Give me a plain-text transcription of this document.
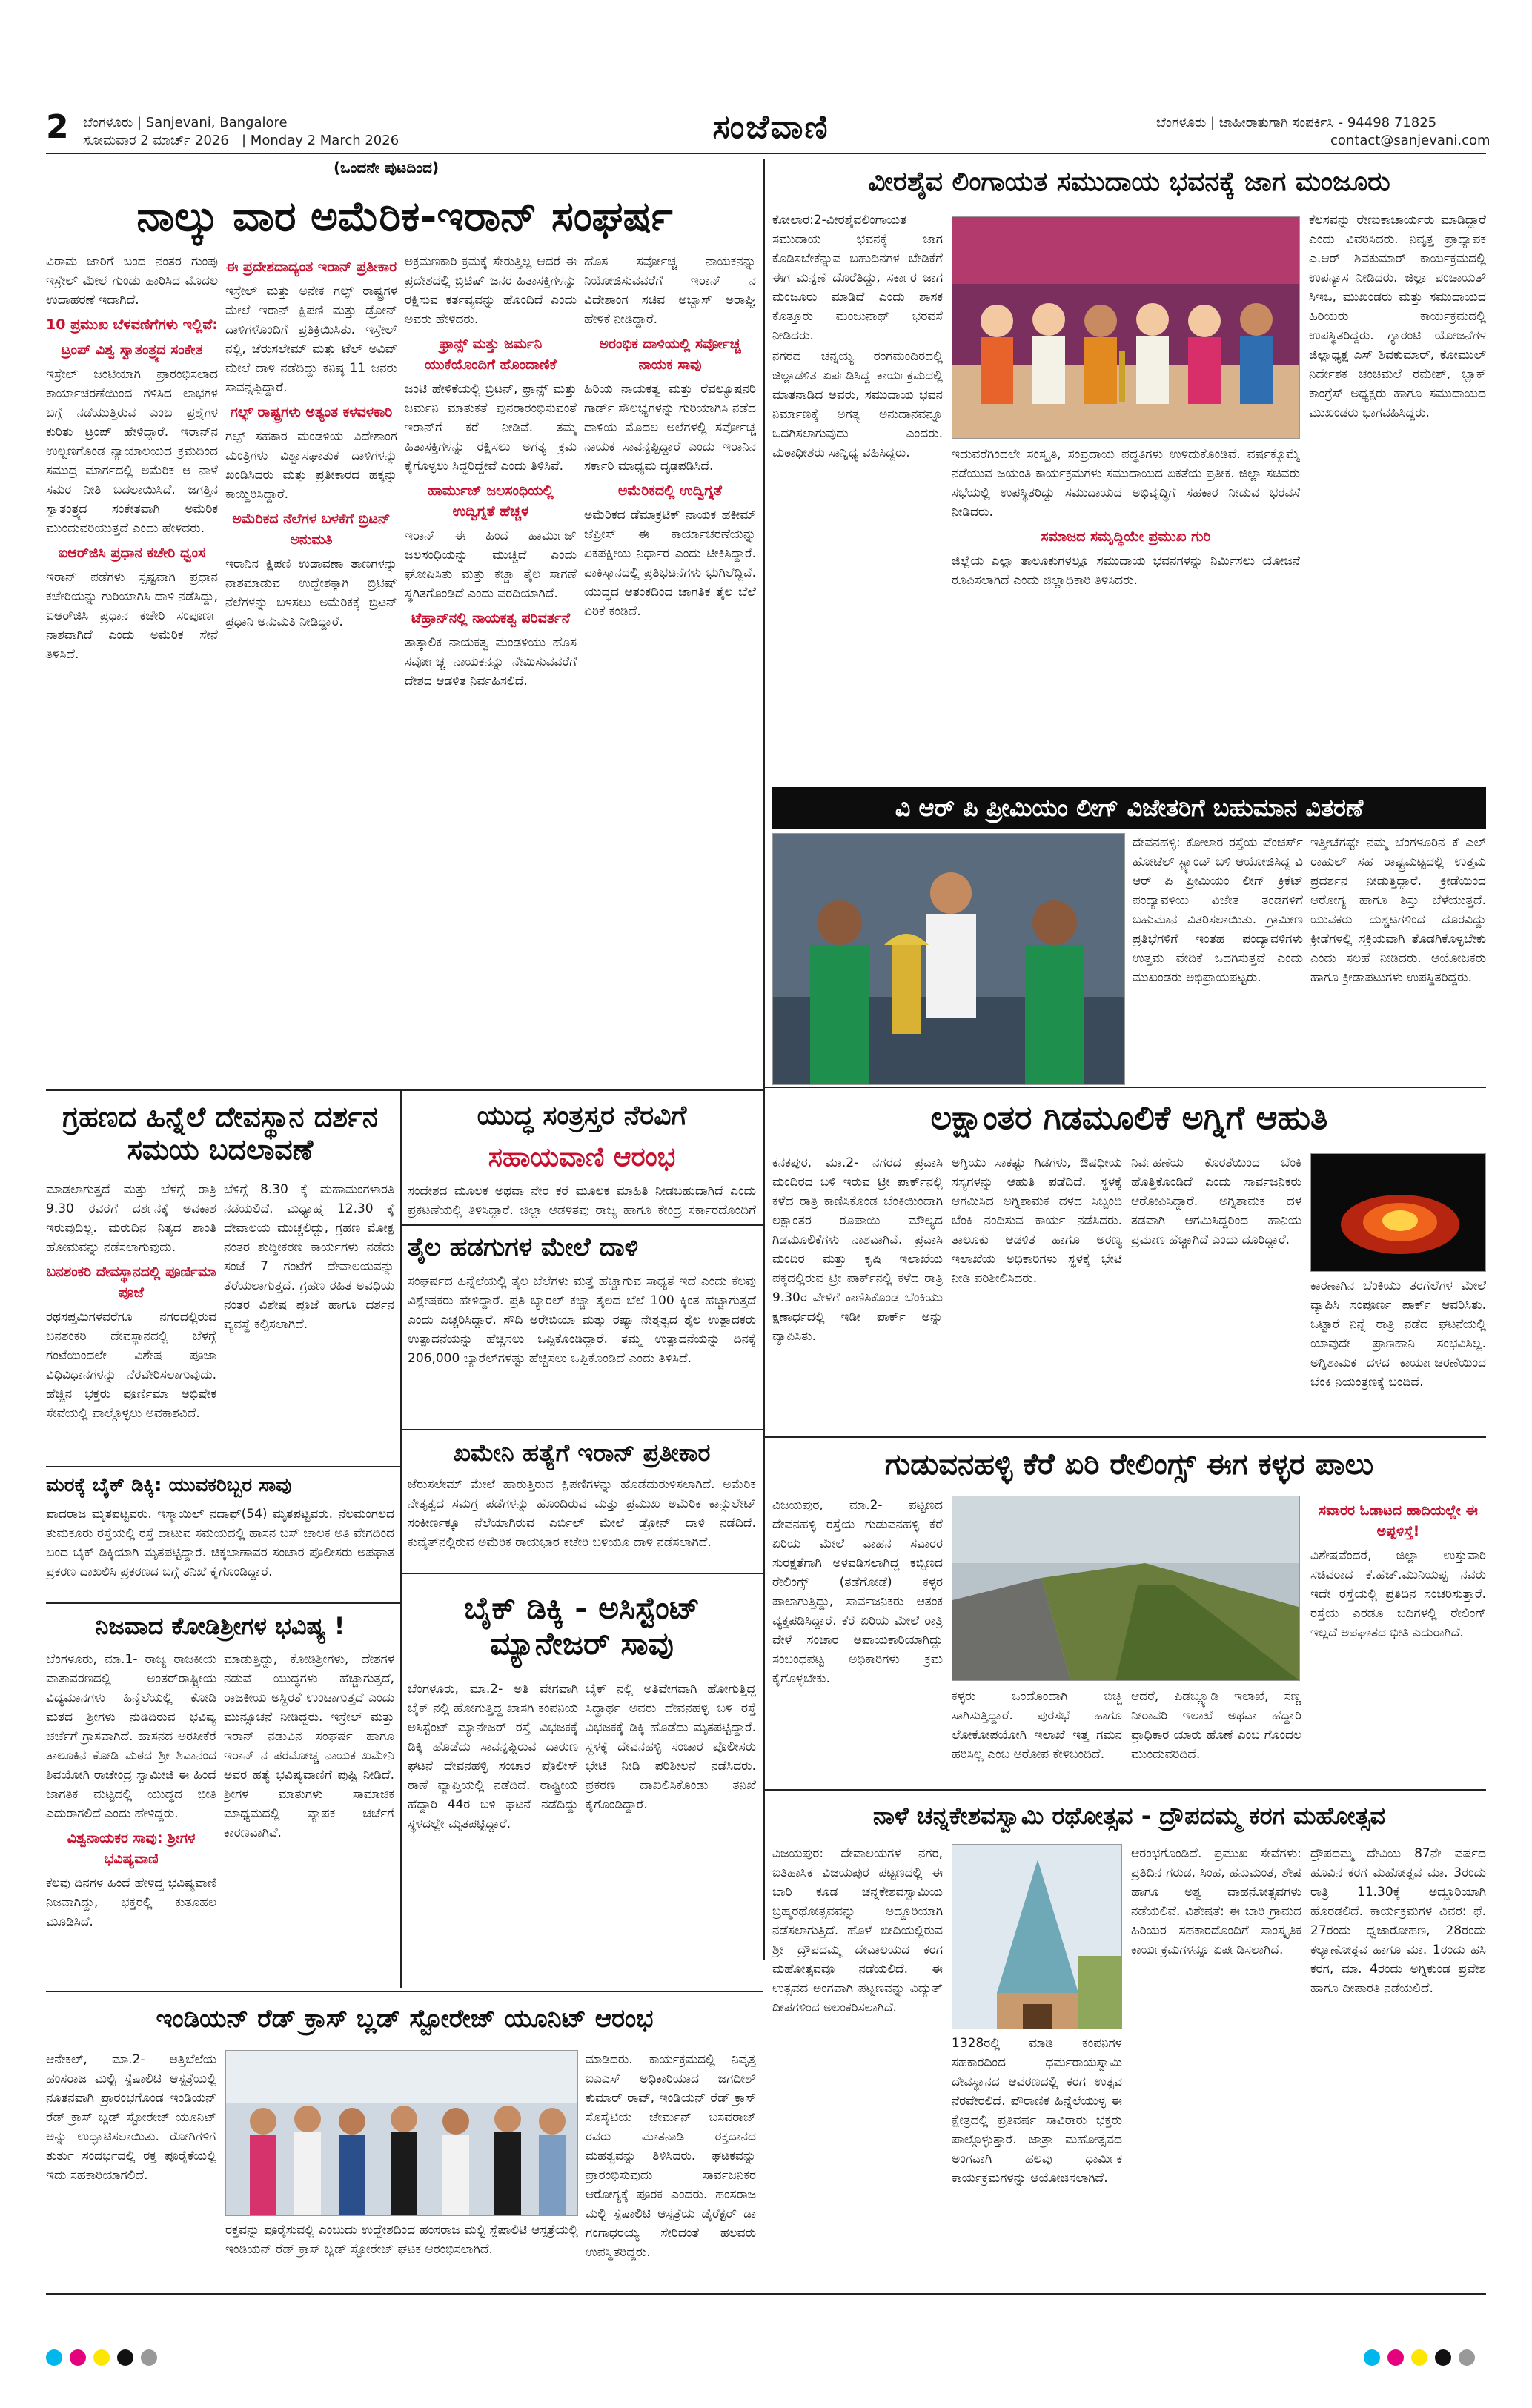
2 ಬೆಂಗಳೂರು | Sanjevani, Bangalore
ಸೋಮವಾರ 2 ಮಾರ್ಚ್ 2026   | Monday 2 March 2026	ಸಂಜೆವಾಣಿ	ಬೆಂಗಳೂರು | ಜಾಹೀರಾತುಗಾಗಿ ಸಂಪರ್ಕಿಸಿ - 94498 71825
contact@sanjevani.com
(ಒಂದನೇ ಪುಟದಿಂದ)
ನಾಲ್ಕು ವಾರ ಅಮೆರಿಕ-ಇರಾನ್ ಸಂಘರ್ಷ

ವಿರಾಮ ಜಾರಿಗೆ ಬಂದ ನಂತರ ಗುಂಪು ಇಸ್ರೇಲ್ ಮೇಲೆ ಗುಂಡು ಹಾರಿಸಿದ ಮೊದಲ ಉದಾಹರಣೆ ಇದಾಗಿದೆ.

10 ಪ್ರಮುಖ ಬೆಳವಣಿಗೆಗಳು ಇಲ್ಲಿವೆ:
ಟ್ರಂಪ್ ವಿಶ್ವ ಸ್ವಾತಂತ್ರ್ಯದ ಸಂಕೇತ

ಇಸ್ರೇಲ್ ಜಂಟಿಯಾಗಿ ಪ್ರಾರಂಭಿಸಲಾದ ಕಾರ್ಯಾಚರಣೆಯಿಂದ ಗಳಿಸಿದ ಲಾಭಗಳ ಬಗ್ಗೆ ನಡೆಯುತ್ತಿರುವ ಎಂಬ ಪ್ರಶ್ನೆಗಳ ಕುರಿತು ಟ್ರಂಪ್ ಹೇಳಿದ್ದಾರೆ. ಇರಾನ್‌ನ ಉಲ್ಬಣಗೊಂಡ ನ್ಯಾಯಾಲಯದ ಕ್ರಮದಿಂದ ಸಮುದ್ರ ಮಾರ್ಗದಲ್ಲಿ ಅಮೆರಿಕ ಆ ನಾಳೆ ಸಮರ ನೀತಿ ಬದಲಾಯಿಸಿದೆ. ಜಗತ್ತಿನ ಸ್ವಾತಂತ್ರ್ಯದ ಸಂಕೇತವಾಗಿ ಅಮೆರಿಕ ಮುಂದುವರಿಯುತ್ತದೆ ಎಂದು ಹೇಳಿದರು.

ಐಆರ್‌ಜಿಸಿ ಪ್ರಧಾನ ಕಚೇರಿ ಧ್ವಂಸ

ಇರಾನ್ ಪಡೆಗಳು ಸ್ಪಷ್ಟವಾಗಿ ಪ್ರಧಾನ ಕಚೇರಿಯನ್ನು ಗುರಿಯಾಗಿಸಿ ದಾಳಿ ನಡೆಸಿದ್ದು, ಐಆರ್‌ಜಿಸಿ ಪ್ರಧಾನ ಕಚೇರಿ ಸಂಪೂರ್ಣ ನಾಶವಾಗಿದೆ ಎಂದು ಅಮೆರಿಕ ಸೇನೆ ತಿಳಿಸಿದೆ.

ಈ ಪ್ರದೇಶದಾದ್ಯಂತ ಇರಾನ್ ಪ್ರತೀಕಾರ

ಇಸ್ರೇಲ್ ಮತ್ತು ಅನೇಕ ಗಲ್ಫ್ ರಾಷ್ಟ್ರಗಳ ಮೇಲೆ ಇರಾನ್ ಕ್ಷಿಪಣಿ ಮತ್ತು ಡ್ರೋನ್ ದಾಳಿಗಳೊಂದಿಗೆ ಪ್ರತಿಕ್ರಿಯಿಸಿತು. ಇಸ್ರೇಲ್ ನಲ್ಲಿ, ಜೆರುಸಲೇಮ್ ಮತ್ತು ಟೆಲ್ ಅವಿವ್ ಮೇಲೆ ದಾಳಿ ನಡೆದಿದ್ದು ಕನಿಷ್ಠ 11 ಜನರು ಸಾವನ್ನಪ್ಪಿದ್ದಾರೆ.

ಗಲ್ಫ್ ರಾಷ್ಟ್ರಗಳು ಅತ್ಯಂತ ಕಳವಳಕಾರಿ

ಗಲ್ಫ್ ಸಹಕಾರ ಮಂಡಳಿಯ ವಿದೇಶಾಂಗ ಮಂತ್ರಿಗಳು ವಿಶ್ವಾಸಘಾತುಕ ದಾಳಿಗಳನ್ನು ಖಂಡಿಸಿದರು ಮತ್ತು ಪ್ರತೀಕಾರದ ಹಕ್ಕನ್ನು ಕಾಯ್ದಿರಿಸಿದ್ದಾರೆ.

ಅಮೆರಿಕದ ನೆಲೆಗಳ ಬಳಕೆಗೆ ಬ್ರಿಟನ್ ಅನುಮತಿ

ಇರಾನಿನ ಕ್ಷಿಪಣಿ ಉಡಾವಣಾ ತಾಣಗಳನ್ನು ನಾಶಮಾಡುವ ಉದ್ದೇಶಕ್ಕಾಗಿ ಬ್ರಿಟಿಷ್ ನೆಲೆಗಳನ್ನು ಬಳಸಲು ಅಮೆರಿಕಕ್ಕೆ ಬ್ರಿಟನ್ ಪ್ರಧಾನಿ ಅನುಮತಿ ನೀಡಿದ್ದಾರೆ.

ಅಕ್ರಮಣಕಾರಿ ಕ್ರಮಕ್ಕೆ ಸೇರುತ್ತಿಲ್ಲ ಆದರೆ ಈ ಪ್ರದೇಶದಲ್ಲಿ ಬ್ರಿಟಿಷ್ ಜನರ ಹಿತಾಸಕ್ತಿಗಳನ್ನು ರಕ್ಷಿಸುವ ಕರ್ತವ್ಯವನ್ನು ಹೊಂದಿದೆ ಎಂದು ಅವರು ಹೇಳಿದರು.

ಫ್ರಾನ್ಸ್ ಮತ್ತು ಜರ್ಮನಿ ಯುಕೆಯೊಂದಿಗೆ ಹೊಂದಾಣಿಕೆ

ಜಂಟಿ ಹೇಳಿಕೆಯಲ್ಲಿ ಬ್ರಿಟನ್, ಫ್ರಾನ್ಸ್ ಮತ್ತು ಜರ್ಮನಿ ಮಾತುಕತೆ ಪುನರಾರಂಭಿಸುವಂತೆ ಇರಾನ್‌ಗೆ ಕರೆ ನೀಡಿವೆ. ತಮ್ಮ ಹಿತಾಸಕ್ತಿಗಳನ್ನು ರಕ್ಷಿಸಲು ಅಗತ್ಯ ಕ್ರಮ ಕೈಗೊಳ್ಳಲು ಸಿದ್ಧರಿದ್ದೇವೆ ಎಂದು ತಿಳಿಸಿವೆ.

ಹಾರ್ಮುಜ್ ಜಲಸಂಧಿಯಲ್ಲಿ ಉದ್ವಿಗ್ನತೆ ಹೆಚ್ಚಳ

ಇರಾನ್ ಈ ಹಿಂದೆ ಹಾರ್ಮುಜ್ ಜಲಸಂಧಿಯನ್ನು ಮುಚ್ಚಿದೆ ಎಂದು ಘೋಷಿಸಿತು ಮತ್ತು ಕಚ್ಚಾ ತೈಲ ಸಾಗಣೆ ಸ್ಥಗಿತಗೊಂಡಿದೆ ಎಂದು ವರದಿಯಾಗಿದೆ.

ಟೆಹ್ರಾನ್‌ನಲ್ಲಿ ನಾಯಕತ್ವ ಪರಿವರ್ತನೆ

ತಾತ್ಕಾಲಿಕ ನಾಯಕತ್ವ ಮಂಡಳಿಯು ಹೊಸ ಸರ್ವೋಚ್ಚ ನಾಯಕನನ್ನು ನೇಮಿಸುವವರೆಗೆ ದೇಶದ ಆಡಳಿತ ನಿರ್ವಹಿಸಲಿದೆ.

ಹೊಸ ಸರ್ವೋಚ್ಚ ನಾಯಕನನ್ನು ನಿಯೋಜಿಸುವವರೆಗೆ ಇರಾನ್ ನ ವಿದೇಶಾಂಗ ಸಚಿವ ಅಬ್ಬಾಸ್ ಅರಾಘ್ಚಿ ಹೇಳಿಕೆ ನೀಡಿದ್ದಾರೆ.

ಅರಂಭಿಕ ದಾಳಿಯಲ್ಲಿ ಸರ್ವೋಚ್ಚ ನಾಯಕ ಸಾವು

ಹಿರಿಯ ನಾಯಕತ್ವ ಮತ್ತು ರೆವಲ್ಯೂಷನರಿ ಗಾರ್ಡ್ ಸೌಲಭ್ಯಗಳನ್ನು ಗುರಿಯಾಗಿಸಿ ನಡೆದ ದಾಳಿಯ ಮೊದಲ ಅಲೆಗಳಲ್ಲಿ ಸರ್ವೋಚ್ಚ ನಾಯಕ ಸಾವನ್ನಪ್ಪಿದ್ದಾರೆ ಎಂದು ಇರಾನಿನ ಸರ್ಕಾರಿ ಮಾಧ್ಯಮ ದೃಢಪಡಿಸಿದೆ.

ಅಮೆರಿಕದಲ್ಲಿ ಉದ್ವಿಗ್ನತೆ

ಅಮೆರಿಕದ ಡೆಮಾಕ್ರಟಿಕ್ ನಾಯಕ ಹಕೀಮ್ ಜೆಫ್ರೀಸ್ ಈ ಕಾರ್ಯಾಚರಣೆಯನ್ನು ಏಕಪಕ್ಷೀಯ ನಿರ್ಧಾರ ಎಂದು ಟೀಕಿಸಿದ್ದಾರೆ. ಪಾಕಿಸ್ತಾನದಲ್ಲಿ ಪ್ರತಿಭಟನೆಗಳು ಭುಗಿಲೆದ್ದಿವೆ. ಯುದ್ಧದ ಆತಂಕದಿಂದ ಜಾಗತಿಕ ತೈಲ ಬೆಲೆ ಏರಿಕೆ ಕಂಡಿದೆ.

ಗ್ರಹಣದ ಹಿನ್ನೆಲೆ ದೇವಸ್ಥಾನ ದರ್ಶನ ಸಮಯ ಬದಲಾವಣೆ

ಮಾಡಲಾಗುತ್ತದೆ ಮತ್ತು ಬೆಳಗ್ಗೆ ರಾತ್ರಿ 9.30 ರವರೆಗೆ ದರ್ಶನಕ್ಕೆ ಅವಕಾಶ ಇರುವುದಿಲ್ಲ. ಮರುದಿನ ನಿತ್ಯದ ಶಾಂತಿ ಹೋಮವನ್ನು ನಡೆಸಲಾಗುವುದು.

ಬನಶಂಕರಿ ದೇವಸ್ಥಾನದಲ್ಲಿ ಪೂರ್ಣಿಮಾ ಪೂಜೆ

ರಥಸಪ್ತಮಿಗಳವರೆಗೂ ನಗರದಲ್ಲಿರುವ ಬನಶಂಕರಿ ದೇವಸ್ಥಾನದಲ್ಲಿ ಬೆಳಗ್ಗೆ ಗಂಟೆಯಿಂದಲೇ ವಿಶೇಷ ಪೂಜಾ ವಿಧಿವಿಧಾನಗಳನ್ನು ನೆರವೇರಿಸಲಾಗುವುದು. ಹೆಚ್ಚಿನ ಭಕ್ತರು ಪೂರ್ಣಿಮಾ ಅಭಿಷೇಕ ಸೇವೆಯಲ್ಲಿ ಪಾಲ್ಗೊಳ್ಳಲು ಅವಕಾಶವಿದೆ.

ಬೆಳಿಗ್ಗೆ 8.30 ಕ್ಕೆ ಮಹಾಮಂಗಳಾರತಿ ನಡೆಯಲಿದೆ. ಮಧ್ಯಾಹ್ನ 12.30 ಕ್ಕೆ ದೇವಾಲಯ ಮುಚ್ಚಲಿದ್ದು, ಗ್ರಹಣ ಮೋಕ್ಷ ನಂತರ ಶುದ್ಧೀಕರಣ ಕಾರ್ಯಗಳು ನಡೆದು ಸಂಜೆ 7 ಗಂಟೆಗೆ ದೇವಾಲಯವನ್ನು ತೆರೆಯಲಾಗುತ್ತದೆ. ಗ್ರಹಣ ರಹಿತ ಅವಧಿಯ ನಂತರ ವಿಶೇಷ ಪೂಜೆ ಹಾಗೂ ದರ್ಶನ ವ್ಯವಸ್ಥೆ ಕಲ್ಪಿಸಲಾಗಿದೆ.

ಯುದ್ಧ ಸಂತ್ರಸ್ತರ ನೆರವಿಗೆ
ಸಹಾಯವಾಣಿ ಆರಂಭ

ಸಂದೇಶದ ಮೂಲಕ ಅಥವಾ ನೇರ ಕರೆ ಮೂಲಕ ಮಾಹಿತಿ ನೀಡಬಹುದಾಗಿದೆ ಎಂದು ಪ್ರಕಟಣೆಯಲ್ಲಿ ತಿಳಿಸಿದ್ದಾರೆ. ಜಿಲ್ಲಾ ಆಡಳಿತವು ರಾಜ್ಯ ಹಾಗೂ ಕೇಂದ್ರ ಸರ್ಕಾರದೊಂದಿಗೆ

ತೈಲ ಹಡಗುಗಳ ಮೇಲೆ ದಾಳಿ

ಸಂಘರ್ಷದ ಹಿನ್ನೆಲೆಯಲ್ಲಿ ತೈಲ ಬೆಲೆಗಳು ಮತ್ತೆ ಹೆಚ್ಚಾಗುವ ಸಾಧ್ಯತೆ ಇದೆ ಎಂದು ಕೆಲವು ವಿಶ್ಲೇಷಕರು ಹೇಳಿದ್ದಾರೆ. ಪ್ರತಿ ಬ್ಯಾರಲ್ ಕಚ್ಚಾ ತೈಲದ ಬೆಲೆ 100 ಕ್ಕಿಂತ ಹೆಚ್ಚಾಗುತ್ತದೆ ಎಂದು ಎಚ್ಚರಿಸಿದ್ದಾರೆ. ಸೌದಿ ಅರೇಬಿಯಾ ಮತ್ತು ರಷ್ಯಾ ನೇತೃತ್ವದ ತೈಲ ಉತ್ಪಾದಕರು ಉತ್ಪಾದನೆಯನ್ನು ಹೆಚ್ಚಿಸಲು ಒಪ್ಪಿಕೊಂಡಿದ್ದಾರೆ. ತಮ್ಮ ಉತ್ಪಾದನೆಯನ್ನು ದಿನಕ್ಕೆ 206,000 ಬ್ಯಾರೆಲ್‌ಗಳಷ್ಟು ಹೆಚ್ಚಿಸಲು ಒಪ್ಪಿಕೊಂಡಿದೆ ಎಂದು ತಿಳಿಸಿದೆ.

ಖಮೇನಿ ಹತ್ಯೆಗೆ ಇರಾನ್ ಪ್ರತೀಕಾರ

ಜೆರುಸಲೇಮ್ ಮೇಲೆ ಹಾರುತ್ತಿರುವ ಕ್ಷಿಪಣಿಗಳನ್ನು ಹೊಡೆದುರುಳಿಸಲಾಗಿದೆ. ಅಮೆರಿಕ ನೇತೃತ್ವದ ಸಮಗ್ರ ಪಡೆಗಳನ್ನು ಹೊಂದಿರುವ ಮತ್ತು ಪ್ರಮುಖ ಅಮೆರಿಕ ಕಾನ್ಸುಲೇಟ್ ಸಂಕೀರ್ಣಕ್ಕೂ ನೆಲೆಯಾಗಿರುವ ಎರ್ಬಿಲ್ ಮೇಲೆ ಡ್ರೋನ್ ದಾಳಿ ನಡೆದಿದೆ. ಕುವೈತ್‌ನಲ್ಲಿರುವ ಅಮೆರಿಕ ರಾಯಭಾರ ಕಚೇರಿ ಬಳಿಯೂ ದಾಳಿ ನಡೆಸಲಾಗಿದೆ.

ಮರಕ್ಕೆ ಬೈಕ್ ಡಿಕ್ಕಿ: ಯುವಕರಿಬ್ಬರ ಸಾವು

ಪಾದರಾಜ ಮೃತಪಟ್ಟವರು. ಇಸ್ಮಾಯಿಲ್ ನದಾಫ್(54) ಮೃತಪಟ್ಟವರು. ನೆಲಮಂಗಲದ ತುಮಕೂರು ರಸ್ತೆಯಲ್ಲಿ ರಸ್ತೆ ದಾಟುವ ಸಮಯದಲ್ಲಿ ಹಾಸನ ಬಸ್ ಚಾಲಕ ಅತಿ ವೇಗದಿಂದ ಬಂದ ಬೈಕ್ ಡಿಕ್ಕಿಯಾಗಿ ಮೃತಪಟ್ಟಿದ್ದಾರೆ. ಚಿಕ್ಕಬಾಣಾವರ ಸಂಚಾರ ಪೊಲೀಸರು ಅಪಘಾತ ಪ್ರಕರಣ ದಾಖಲಿಸಿ ಪ್ರಕರಣದ ಬಗ್ಗೆ ತನಿಖೆ ಕೈಗೊಂಡಿದ್ದಾರೆ.

ನಿಜವಾದ ಕೋಡಿಶ್ರೀಗಳ ಭವಿಷ್ಯ !

ಬೆಂಗಳೂರು, ಮಾ.1- ರಾಜ್ಯ ರಾಜಕೀಯ ವಾತಾವರಣದಲ್ಲಿ ಅಂತರ್‌ರಾಷ್ಟ್ರೀಯ ವಿದ್ಯಮಾನಗಳು ಹಿನ್ನೆಲೆಯಲ್ಲಿ ಕೋಡಿ ಮಠದ ಶ್ರೀಗಳು ನುಡಿದಿರುವ ಭವಿಷ್ಯ ಚರ್ಚೆಗೆ ಗ್ರಾಸವಾಗಿದೆ. ಹಾಸನದ ಅರಸೀಕೆರೆ ತಾಲೂಕಿನ ಕೋಡಿ ಮಠದ ಶ್ರೀ ಶಿವಾನಂದ ಶಿವಯೋಗಿ ರಾಜೇಂದ್ರ ಸ್ವಾಮೀಜಿ ಈ ಹಿಂದೆ ಜಾಗತಿಕ ಮಟ್ಟದಲ್ಲಿ ಯುದ್ಧದ ಭೀತಿ ಎದುರಾಗಲಿದೆ ಎಂದು ಹೇಳಿದ್ದರು.

ವಿಶ್ವನಾಯಕರ ಸಾವು: ಶ್ರೀಗಳ ಭವಿಷ್ಯವಾಣಿ

ಕೆಲವು ದಿನಗಳ ಹಿಂದೆ ಹೇಳಿದ್ದ ಭವಿಷ್ಯವಾಣಿ ನಿಜವಾಗಿದ್ದು, ಭಕ್ತರಲ್ಲಿ ಕುತೂಹಲ ಮೂಡಿಸಿದೆ.

ಮಾಡುತ್ತಿದ್ದು, ಕೋಡಿಶ್ರೀಗಳು, ದೇಶಗಳ ನಡುವೆ ಯುದ್ಧಗಳು ಹೆಚ್ಚಾಗುತ್ತದೆ, ರಾಜಕೀಯ ಅಸ್ಥಿರತೆ ಉಂಟಾಗುತ್ತದೆ ಎಂದು ಮುನ್ಸೂಚನೆ ನೀಡಿದ್ದರು. ಇಸ್ರೇಲ್ ಮತ್ತು ಇರಾನ್ ನಡುವಿನ ಸಂಘರ್ಷ ಹಾಗೂ ಇರಾನ್ ನ ಪರಮೋಚ್ಚ ನಾಯಕ ಖಮೇನಿ ಅವರ ಹತ್ಯೆ ಭವಿಷ್ಯವಾಣಿಗೆ ಪುಷ್ಟಿ ನೀಡಿದೆ. ಶ್ರೀಗಳ ಮಾತುಗಳು ಸಾಮಾಜಿಕ ಮಾಧ್ಯಮದಲ್ಲಿ ವ್ಯಾಪಕ ಚರ್ಚೆಗೆ ಕಾರಣವಾಗಿವೆ.

ಬೈಕ್ ಡಿಕ್ಕಿ - ಅಸಿಸ್ಟೆಂಟ್ ಮ್ಯಾನೇಜರ್ ಸಾವು

ಬೆಂಗಳೂರು, ಮಾ.2- ಅತಿ ವೇಗವಾಗಿ ಬೈಕ್ ನಲ್ಲಿ ಹೋಗುತ್ತಿದ್ದ ಖಾಸಗಿ ಕಂಪನಿಯ ಅಸಿಸ್ಟೆಂಟ್ ಮ್ಯಾನೇಜರ್ ರಸ್ತೆ ವಿಭಜಕಕ್ಕೆ ಡಿಕ್ಕಿ ಹೊಡೆದು ಸಾವನ್ನಪ್ಪಿರುವ ದಾರುಣ ಘಟನೆ ದೇವನಹಳ್ಳಿ ಸಂಚಾರ ಪೊಲೀಸ್ ಠಾಣೆ ವ್ಯಾಪ್ತಿಯಲ್ಲಿ ನಡೆದಿದೆ. ರಾಷ್ಟ್ರೀಯ ಹೆದ್ದಾರಿ 44ರ ಬಳಿ ಘಟನೆ ನಡೆದಿದ್ದು ಸ್ಥಳದಲ್ಲೇ ಮೃತಪಟ್ಟಿದ್ದಾರೆ.

ಬೈಕ್ ನಲ್ಲಿ ಅತಿವೇಗವಾಗಿ ಹೋಗುತ್ತಿದ್ದ ಸಿದ್ಧಾರ್ಥ ಅವರು ದೇವನಹಳ್ಳಿ ಬಳಿ ರಸ್ತೆ ವಿಭಜಕಕ್ಕೆ ಡಿಕ್ಕಿ ಹೊಡೆದು ಮೃತಪಟ್ಟಿದ್ದಾರೆ. ಸ್ಥಳಕ್ಕೆ ದೇವನಹಳ್ಳಿ ಸಂಚಾರ ಪೊಲೀಸರು ಭೇಟಿ ನೀಡಿ ಪರಿಶೀಲನೆ ನಡೆಸಿದರು. ಪ್ರಕರಣ ದಾಖಲಿಸಿಕೊಂಡು ತನಿಖೆ ಕೈಗೊಂಡಿದ್ದಾರೆ.

ವೀರಶೈವ ಲಿಂಗಾಯತ ಸಮುದಾಯ ಭವನಕ್ಕೆ ಜಾಗ ಮಂಜೂರು

ಕೋಲಾರ:2-ವೀರಶೈವಲಿಂಗಾಯತ ಸಮುದಾಯ ಭವನಕ್ಕೆ ಜಾಗ ಕೊಡಿಸಬೇಕೆನ್ನುವ ಬಹುದಿನಗಳ ಬೇಡಿಕೆಗೆ ಈಗ ಮನ್ನಣೆ ದೊರೆತಿದ್ದು, ಸರ್ಕಾರ ಜಾಗ ಮಂಜೂರು ಮಾಡಿದೆ ಎಂದು ಶಾಸಕ ಕೊತ್ತೂರು ಮಂಜುನಾಥ್ ಭರವಸೆ ನೀಡಿದರು.

ನಗರದ ಚನ್ನಯ್ಯ ರಂಗಮಂದಿರದಲ್ಲಿ ಜಿಲ್ಲಾಡಳಿತ ಏರ್ಪಡಿಸಿದ್ದ ಕಾರ್ಯಕ್ರಮದಲ್ಲಿ ಮಾತನಾಡಿದ ಅವರು, ಸಮುದಾಯ ಭವನ ನಿರ್ಮಾಣಕ್ಕೆ ಅಗತ್ಯ ಅನುದಾನವನ್ನೂ ಒದಗಿಸಲಾಗುವುದು ಎಂದರು. ಮಠಾಧೀಶರು ಸಾನ್ನಿಧ್ಯ ವಹಿಸಿದ್ದರು.	ಇದುವರೆಗಿಂದಲೇ ಸಂಸ್ಕೃತಿ, ಸಂಪ್ರದಾಯ ಪದ್ಧತಿಗಳು ಉಳಿದುಕೊಂಡಿವೆ. ವರ್ಷಕ್ಕೊಮ್ಮೆ ನಡೆಯುವ ಜಯಂತಿ ಕಾರ್ಯಕ್ರಮಗಳು ಸಮುದಾಯದ ಏಕತೆಯ ಪ್ರತೀಕ. ಜಿಲ್ಲಾ ಸಚಿವರು ಸಭೆಯಲ್ಲಿ ಉಪಸ್ಥಿತರಿದ್ದು ಸಮುದಾಯದ ಅಭಿವೃದ್ಧಿಗೆ ಸಹಕಾರ ನೀಡುವ ಭರವಸೆ ನೀಡಿದರು.

ಸಮಾಜದ ಸಮೃದ್ಧಿಯೇ ಪ್ರಮುಖ ಗುರಿ

ಜಿಲ್ಲೆಯ ಎಲ್ಲಾ ತಾಲೂಕುಗಳಲ್ಲೂ ಸಮುದಾಯ ಭವನಗಳನ್ನು ನಿರ್ಮಿಸಲು ಯೋಜನೆ ರೂಪಿಸಲಾಗಿದೆ ಎಂದು ಜಿಲ್ಲಾಧಿಕಾರಿ ತಿಳಿಸಿದರು.

ಕೆಲಸವನ್ನು ರೇಣುಕಾಚಾರ್ಯರು ಮಾಡಿದ್ದಾರೆ ಎಂದು ವಿವರಿಸಿದರು. ನಿವೃತ್ತ ಪ್ರಾಧ್ಯಾಪಕ ಎ.ಆರ್ ಶಿವಕುಮಾರ್ ಕಾರ್ಯಕ್ರಮದಲ್ಲಿ ಉಪನ್ಯಾಸ ನೀಡಿದರು. ಜಿಲ್ಲಾ ಪಂಚಾಯತ್ ಸಿಇಒ, ಮುಖಂಡರು ಮತ್ತು ಸಮುದಾಯದ ಹಿರಿಯರು ಕಾರ್ಯಕ್ರಮದಲ್ಲಿ ಉಪಸ್ಥಿತರಿದ್ದರು. ಗ್ಯಾರಂಟಿ ಯೋಜನೆಗಳ ಜಿಲ್ಲಾಧ್ಯಕ್ಷ ಎಸ್ ಶಿವಕುಮಾರ್, ಕೋಮುಲ್ ನಿರ್ದೇಶಕ ಚಂಚಿಮಲೆ ರಮೇಶ್, ಬ್ಲಾಕ್ ಕಾಂಗ್ರೆಸ್ ಅಧ್ಯಕ್ಷರು ಹಾಗೂ ಸಮುದಾಯದ ಮುಖಂಡರು ಭಾಗವಹಿಸಿದ್ದರು.

ವಿ ಆರ್ ಪಿ ಪ್ರೀಮಿಯಂ ಲೀಗ್ ವಿಜೇತರಿಗೆ ಬಹುಮಾನ ವಿತರಣೆ

ದೇವನಹಳ್ಳಿ: ಕೋಲಾರ ರಸ್ತೆಯ ವೆಂಚರ್ಸ್ ಹೋಟೆಲ್ ಸ್ಟ್ಯಾಂಡ್ ಬಳಿ ಆಯೋಜಿಸಿದ್ದ ವಿ ಆರ್ ಪಿ ಪ್ರೀಮಿಯಂ ಲೀಗ್ ಕ್ರಿಕೆಟ್ ಪಂದ್ಯಾವಳಿಯ ವಿಜೇತ ತಂಡಗಳಿಗೆ ಬಹುಮಾನ ವಿತರಿಸಲಾಯಿತು. ಗ್ರಾಮೀಣ ಪ್ರತಿಭೆಗಳಿಗೆ ಇಂತಹ ಪಂದ್ಯಾವಳಿಗಳು ಉತ್ತಮ ವೇದಿಕೆ ಒದಗಿಸುತ್ತವೆ ಎಂದು ಮುಖಂಡರು ಅಭಿಪ್ರಾಯಪಟ್ಟರು.

ಇತ್ತೀಚೆಗಷ್ಟೇ ನಮ್ಮ ಬೆಂಗಳೂರಿನ ಕೆ ಎಲ್ ರಾಹುಲ್ ಸಹ ರಾಷ್ಟ್ರಮಟ್ಟದಲ್ಲಿ ಉತ್ತಮ ಪ್ರದರ್ಶನ ನೀಡುತ್ತಿದ್ದಾರೆ. ಕ್ರೀಡೆಯಿಂದ ಆರೋಗ್ಯ ಹಾಗೂ ಶಿಸ್ತು ಬೆಳೆಯುತ್ತದೆ. ಯುವಕರು ದುಶ್ಚಟಗಳಿಂದ ದೂರವಿದ್ದು ಕ್ರೀಡೆಗಳಲ್ಲಿ ಸಕ್ರಿಯವಾಗಿ ತೊಡಗಿಕೊಳ್ಳಬೇಕು ಎಂದು ಸಲಹೆ ನೀಡಿದರು. ಆಯೋಜಕರು ಹಾಗೂ ಕ್ರೀಡಾಪಟುಗಳು ಉಪಸ್ಥಿತರಿದ್ದರು.

ಲಕ್ಷಾಂತರ ಗಿಡಮೂಲಿಕೆ ಅಗ್ನಿಗೆ ಆಹುತಿ

ಕನಕಪುರ, ಮಾ.2- ನಗರದ ಪ್ರವಾಸಿ ಮಂದಿರದ ಬಳಿ ಇರುವ ಟ್ರೀ ಪಾರ್ಕ್‌ನಲ್ಲಿ ಕಳೆದ ರಾತ್ರಿ ಕಾಣಿಸಿಕೊಂಡ ಬೆಂಕಿಯಿಂದಾಗಿ ಲಕ್ಷಾಂತರ ರೂಪಾಯಿ ಮೌಲ್ಯದ ಗಿಡಮೂಲಿಕೆಗಳು ನಾಶವಾಗಿವೆ. ಪ್ರವಾಸಿ ಮಂದಿರ ಮತ್ತು ಕೃಷಿ ಇಲಾಖೆಯ ಪಕ್ಕದಲ್ಲಿರುವ ಟ್ರೀ ಪಾರ್ಕ್‌ನಲ್ಲಿ ಕಳೆದ ರಾತ್ರಿ 9.30ರ ವೇಳೆಗೆ ಕಾಣಿಸಿಕೊಂಡ ಬೆಂಕಿಯು ಕ್ಷಣಾರ್ಧದಲ್ಲಿ ಇಡೀ ಪಾರ್ಕ್ ಅನ್ನು ವ್ಯಾಪಿಸಿತು.

ಅಗ್ನಿಯು ಸಾಕಷ್ಟು ಗಿಡಗಳು, ಔಷಧೀಯ ಸಸ್ಯಗಳನ್ನು ಆಹುತಿ ಪಡೆದಿದೆ. ಸ್ಥಳಕ್ಕೆ ಆಗಮಿಸಿದ ಅಗ್ನಿಶಾಮಕ ದಳದ ಸಿಬ್ಬಂದಿ ಬೆಂಕಿ ನಂದಿಸುವ ಕಾರ್ಯ ನಡೆಸಿದರು. ತಾಲೂಕು ಆಡಳಿತ ಹಾಗೂ ಅರಣ್ಯ ಇಲಾಖೆಯ ಅಧಿಕಾರಿಗಳು ಸ್ಥಳಕ್ಕೆ ಭೇಟಿ ನೀಡಿ ಪರಿಶೀಲಿಸಿದರು.

ನಿರ್ವಹಣೆಯ ಕೊರತೆಯಿಂದ ಬೆಂಕಿ ಹೊತ್ತಿಕೊಂಡಿದೆ ಎಂದು ಸಾರ್ವಜನಿಕರು ಆರೋಪಿಸಿದ್ದಾರೆ. ಅಗ್ನಿಶಾಮಕ ದಳ ತಡವಾಗಿ ಆಗಮಿಸಿದ್ದರಿಂದ ಹಾನಿಯ ಪ್ರಮಾಣ ಹೆಚ್ಚಾಗಿದೆ ಎಂದು ದೂರಿದ್ದಾರೆ.

ಕಾರಣಾಗಿನ ಬೆಂಕಿಯು ತರಗೆಲೆಗಳ ಮೇಲೆ ವ್ಯಾಪಿಸಿ ಸಂಪೂರ್ಣ ಪಾರ್ಕ್ ಆವರಿಸಿತು. ಒಟ್ಟಾರೆ ನಿನ್ನೆ ರಾತ್ರಿ ನಡೆದ ಘಟನೆಯಲ್ಲಿ ಯಾವುದೇ ಪ್ರಾಣಹಾನಿ ಸಂಭವಿಸಿಲ್ಲ. ಅಗ್ನಿಶಾಮಕ ದಳದ ಕಾರ್ಯಾಚರಣೆಯಿಂದ ಬೆಂಕಿ ನಿಯಂತ್ರಣಕ್ಕೆ ಬಂದಿದೆ.

ಗುಡುವನಹಳ್ಳಿ ಕೆರೆ ಏರಿ ರೇಲಿಂಗ್ಸ್ ಈಗ ಕಳ್ಳರ ಪಾಲು

ವಿಜಯಪುರ, ಮಾ.2- ಪಟ್ಟಣದ ದೇವನಹಳ್ಳಿ ರಸ್ತೆಯ ಗುಡುವನಹಳ್ಳಿ ಕೆರೆ ಏರಿಯ ಮೇಲೆ ವಾಹನ ಸವಾರರ ಸುರಕ್ಷತೆಗಾಗಿ ಅಳವಡಿಸಲಾಗಿದ್ದ ಕಬ್ಬಿಣದ ರೇಲಿಂಗ್ಸ್ (ತಡೆಗೋಡೆ) ಕಳ್ಳರ ಪಾಲಾಗುತ್ತಿದ್ದು, ಸಾರ್ವಜನಿಕರು ಆತಂಕ ವ್ಯಕ್ತಪಡಿಸಿದ್ದಾರೆ. ಕೆರೆ ಏರಿಯ ಮೇಲೆ ರಾತ್ರಿ ವೇಳೆ ಸಂಚಾರ ಅಪಾಯಕಾರಿಯಾಗಿದ್ದು ಸಂಬಂಧಪಟ್ಟ ಅಧಿಕಾರಿಗಳು ಕ್ರಮ ಕೈಗೊಳ್ಳಬೇಕು.

ಕಳ್ಳರು ಒಂದೊಂದಾಗಿ ಬಿಚ್ಚಿ ಸಾಗಿಸುತ್ತಿದ್ದಾರೆ. ಪುರಸಭೆ ಹಾಗೂ ಲೋಕೋಪಯೋಗಿ ಇಲಾಖೆ ಇತ್ತ ಗಮನ ಹರಿಸಿಲ್ಲ ಎಂಬ ಆರೋಪ ಕೇಳಿಬಂದಿದೆ.

ಆದರೆ, ಪಿಡಬ್ಲ್ಯೂಡಿ ಇಲಾಖೆ, ಸಣ್ಣ ನೀರಾವರಿ ಇಲಾಖೆ ಅಥವಾ ಹೆದ್ದಾರಿ ಪ್ರಾಧಿಕಾರ ಯಾರು ಹೊಣೆ ಎಂಬ ಗೊಂದಲ ಮುಂದುವರಿದಿದೆ.

ಸವಾರರ ಓಡಾಟದ ಹಾದಿಯಲ್ಲೇ ಈ ಅಪ್ಪಳಿಸ್ತೆ!

ವಿಶೇಷವೆಂದರೆ, ಜಿಲ್ಲಾ ಉಸ್ತುವಾರಿ ಸಚಿವರಾದ ಕೆ.ಹೆಚ್.ಮುನಿಯಪ್ಪ ನವರು ಇದೇ ರಸ್ತೆಯಲ್ಲಿ ಪ್ರತಿದಿನ ಸಂಚರಿಸುತ್ತಾರೆ. ರಸ್ತೆಯ ಎರಡೂ ಬದಿಗಳಲ್ಲಿ ರೇಲಿಂಗ್ ಇಲ್ಲದೆ ಅಪಘಾತದ ಭೀತಿ ಎದುರಾಗಿದೆ.

ನಾಳೆ ಚನ್ನಕೇಶವಸ್ವಾಮಿ ರಥೋತ್ಸವ - ದ್ರೌಪದಮ್ಮ ಕರಗ ಮಹೋತ್ಸವ

ವಿಜಯಪುರ: ದೇವಾಲಯಗಳ ನಗರ, ಐತಿಹಾಸಿಕ ವಿಜಯಪುರ ಪಟ್ಟಣದಲ್ಲಿ ಈ ಬಾರಿ ಕೂಡ ಚನ್ನಕೇಶವಸ್ವಾಮಿಯ ಬ್ರಹ್ಮರಥೋತ್ಸವವನ್ನು ಅದ್ದೂರಿಯಾಗಿ ನಡೆಸಲಾಗುತ್ತಿದೆ. ಹೊಳೆ ಬೀದಿಯಲ್ಲಿರುವ ಶ್ರೀ ದ್ರೌಪದಮ್ಮ ದೇವಾಲಯದ ಕರಗ ಮಹೋತ್ಸವವೂ ನಡೆಯಲಿದೆ. ಈ ಉತ್ಸವದ ಅಂಗವಾಗಿ ಪಟ್ಟಣವನ್ನು ವಿದ್ಯುತ್ ದೀಪಗಳಿಂದ ಅಲಂಕರಿಸಲಾಗಿದೆ.

1328ರಲ್ಲಿ ಮಾಡಿ ಕಂಪನಿಗಳ ಸಹಕಾರದಿಂದ ಧರ್ಮರಾಯಸ್ವಾಮಿ ದೇವಸ್ಥಾನದ ಆವರಣದಲ್ಲಿ ಕರಗ ಉತ್ಸವ ನೆರವೇರಲಿದೆ. ಪೌರಾಣಿಕ ಹಿನ್ನೆಲೆಯುಳ್ಳ ಈ ಕ್ಷೇತ್ರದಲ್ಲಿ ಪ್ರತಿವರ್ಷ ಸಾವಿರಾರು ಭಕ್ತರು ಪಾಲ್ಗೊಳ್ಳುತ್ತಾರೆ. ಜಾತ್ರಾ ಮಹೋತ್ಸವದ ಅಂಗವಾಗಿ ಹಲವು ಧಾರ್ಮಿಕ ಕಾರ್ಯಕ್ರಮಗಳನ್ನು ಆಯೋಜಿಸಲಾಗಿದೆ.

ಆರಂಭಗೊಂಡಿದೆ. ಪ್ರಮುಖ ಸೇವೆಗಳು: ಪ್ರತಿದಿನ ಗರುಡ, ಸಿಂಹ, ಹನುಮಂತ, ಶೇಷ ಹಾಗೂ ಅಶ್ವ ವಾಹನೋತ್ಸವಗಳು ನಡೆಯಲಿವೆ. ವಿಶೇಷತೆ: ಈ ಬಾರಿ ಗ್ರಾಮದ ಹಿರಿಯರ ಸಹಕಾರದೊಂದಿಗೆ ಸಾಂಸ್ಕೃತಿಕ ಕಾರ್ಯಕ್ರಮಗಳನ್ನೂ ಏರ್ಪಡಿಸಲಾಗಿದೆ.

ದ್ರೌಪದಮ್ಮ ದೇವಿಯ 87ನೇ ವರ್ಷದ ಹೂವಿನ ಕರಗ ಮಹೋತ್ಸವ ಮಾ. 3ರಂದು ರಾತ್ರಿ 11.30ಕ್ಕೆ ಅದ್ದೂರಿಯಾಗಿ ಹೊರಡಲಿದೆ. ಕಾರ್ಯಕ್ರಮಗಳ ವಿವರ: ಫೆ. 27ರಂದು ಧ್ವಜಾರೋಹಣ, 28ರಂದು ಕಲ್ಯಾಣೋತ್ಸವ ಹಾಗೂ ಮಾ. 1ರಂದು ಹಸಿ ಕರಗ, ಮಾ. 4ರಂದು ಅಗ್ನಿಕುಂಡ ಪ್ರವೇಶ ಹಾಗೂ ದೀಪಾರತಿ ನಡೆಯಲಿದೆ.

ಇಂಡಿಯನ್ ರೆಡ್ ಕ್ರಾಸ್ ಬ್ಲಡ್ ಸ್ಟೋರೇಜ್ ಯೂನಿಟ್ ಆರಂಭ

ಆನೇಕಲ್, ಮಾ.2- ಅತ್ತಿಬೆಲೆಯ ಹಂಸರಾಜ ಮಲ್ಟಿ ಸ್ಪೆಷಾಲಿಟಿ ಆಸ್ಪತ್ರೆಯಲ್ಲಿ ನೂತನವಾಗಿ ಪ್ರಾರಂಭಗೊಂಡ ಇಂಡಿಯನ್ ರೆಡ್ ಕ್ರಾಸ್ ಬ್ಲಡ್ ಸ್ಟೋರೇಜ್ ಯೂನಿಟ್ ಅನ್ನು ಉದ್ಘಾಟಿಸಲಾಯಿತು. ರೋಗಿಗಳಿಗೆ ತುರ್ತು ಸಂದರ್ಭದಲ್ಲಿ ರಕ್ತ ಪೂರೈಕೆಯಲ್ಲಿ ಇದು ಸಹಕಾರಿಯಾಗಲಿದೆ.

ರಕ್ತವನ್ನು ಪೂರೈಸುವಲ್ಲಿ ಎಂಬುದು ಉದ್ದೇಶದಿಂದ ಹಂಸರಾಜ ಮಲ್ಟಿ ಸ್ಪೆಷಾಲಿಟಿ ಆಸ್ಪತ್ರೆಯಲ್ಲಿ ಇಂಡಿಯನ್ ರೆಡ್ ಕ್ರಾಸ್ ಬ್ಲಡ್ ಸ್ಟೋರೇಜ್ ಘಟಕ ಆರಂಭಿಸಲಾಗಿದೆ.

ಮಾಡಿದರು. ಕಾರ್ಯಕ್ರಮದಲ್ಲಿ ನಿವೃತ್ತ ಐಎಎಸ್ ಅಧಿಕಾರಿಯಾದ ಜಗದೀಶ್ ಕುಮಾರ್ ರಾವ್, ಇಂಡಿಯನ್ ರೆಡ್ ಕ್ರಾಸ್ ಸೊಸೈಟಿಯ ಚೇರ್ಮನ್ ಬಸವರಾಜ್ ರವರು ಮಾತನಾಡಿ ರಕ್ತದಾನದ ಮಹತ್ವವನ್ನು ತಿಳಿಸಿದರು. ಘಟಕವನ್ನು ಪ್ರಾರಂಭಿಸುವುದು ಸಾರ್ವಜನಿಕರ ಆರೋಗ್ಯಕ್ಕೆ ಪೂರಕ ಎಂದರು. ಹಂಸರಾಜ ಮಲ್ಟಿ ಸ್ಪೆಷಾಲಿಟಿ ಆಸ್ಪತ್ರೆಯ ಡೈರೆಕ್ಟರ್ ಡಾ ಗಂಗಾಧರಯ್ಯ ಸೇರಿದಂತೆ ಹಲವರು ಉಪಸ್ಥಿತರಿದ್ದರು.
